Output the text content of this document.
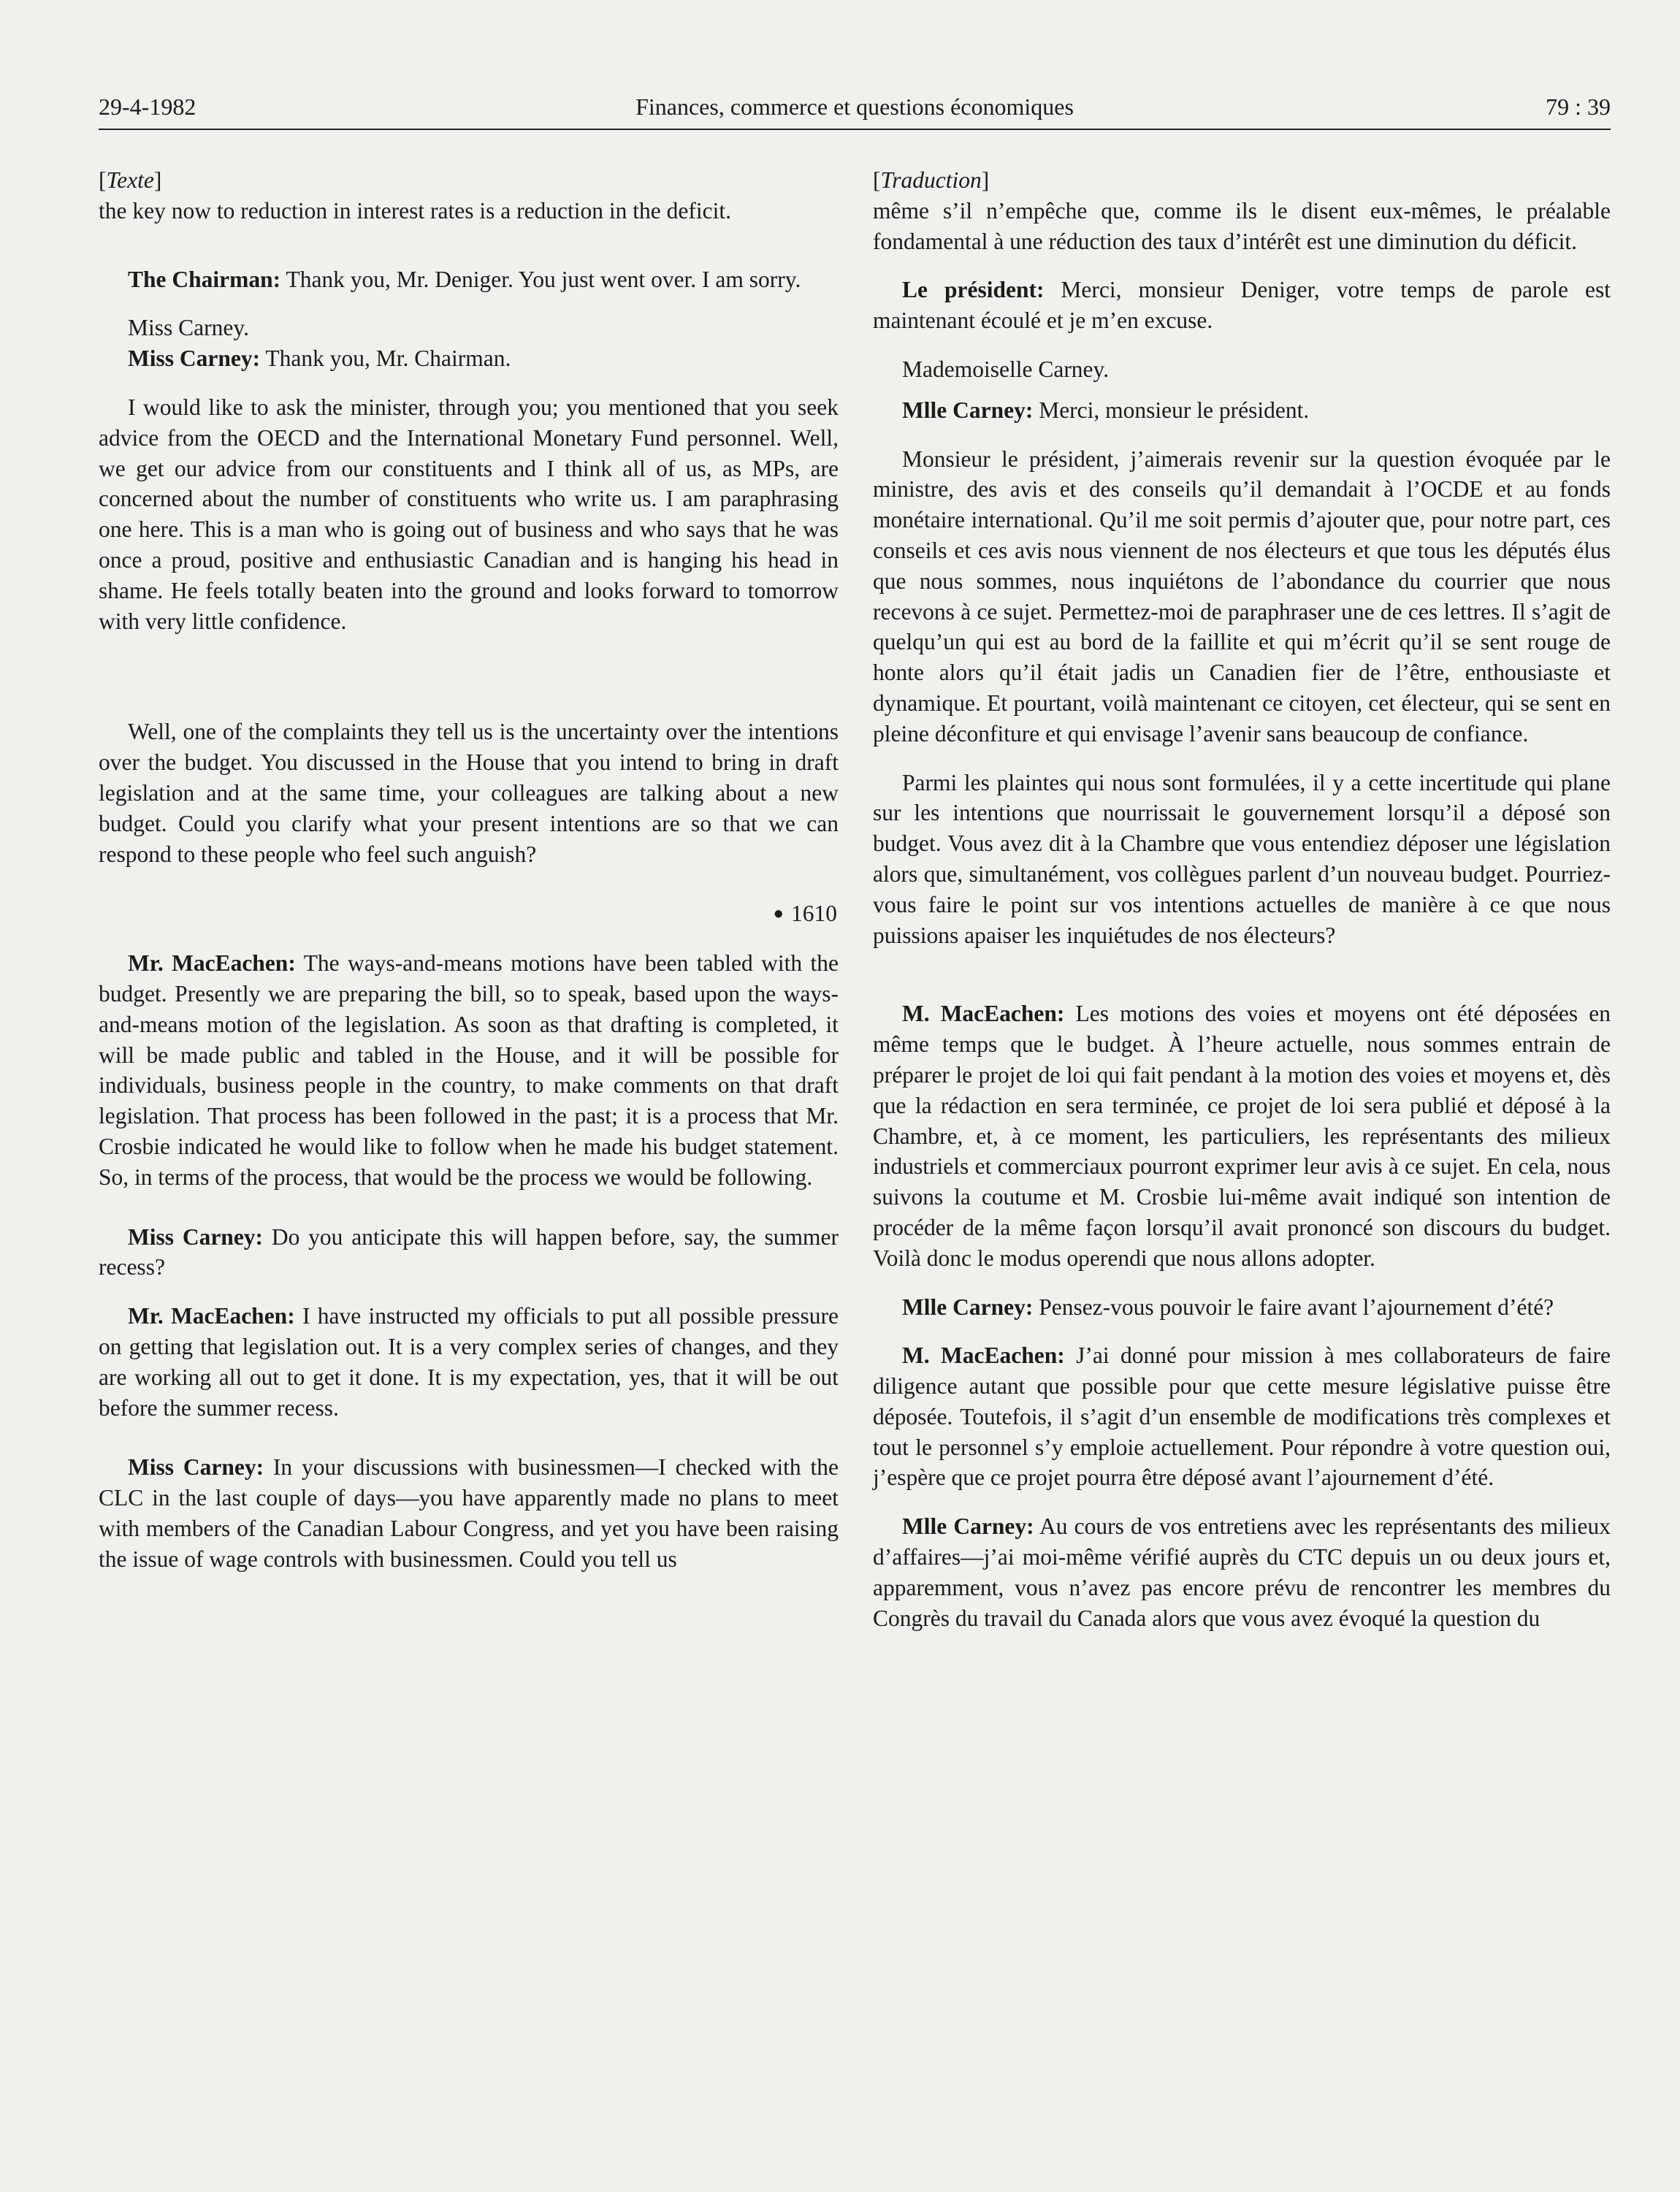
29-4-1982	Finances, commerce et questions économiques	79 : 39

[Texte]

the key now to reduction in interest rates is a reduction in the deficit.

The Chairman: Thank you, Mr. Deniger. You just went over. I am sorry.

Miss Carney.

Miss Carney: Thank you, Mr. Chairman.

I would like to ask the minister, through you; you mentioned that you seek advice from the OECD and the International Monetary Fund personnel. Well, we get our advice from our constituents and I think all of us, as MPs, are concerned about the number of constituents who write us. I am paraphrasing one here. This is a man who is going out of business and who says that he was once a proud, positive and enthusiastic Canadian and is hanging his head in shame. He feels totally beaten into the ground and looks forward to tomorrow with very little confidence.

Well, one of the complaints they tell us is the uncertainty over the intentions over the budget. You discussed in the House that you intend to bring in draft legislation and at the same time, your colleagues are talking about a new budget. Could you clarify what your present intentions are so that we can respond to these people who feel such anguish?

● 1610

Mr. MacEachen: The ways-and-means motions have been tabled with the budget. Presently we are preparing the bill, so to speak, based upon the ways-and-means motion of the legislation. As soon as that drafting is completed, it will be made public and tabled in the House, and it will be possible for individuals, business people in the country, to make comments on that draft legislation. That process has been followed in the past; it is a process that Mr. Crosbie indicated he would like to follow when he made his budget statement. So, in terms of the process, that would be the process we would be following.

Miss Carney: Do you anticipate this will happen before, say, the summer recess?

Mr. MacEachen: I have instructed my officials to put all possible pressure on getting that legislation out. It is a very complex series of changes, and they are working all out to get it done. It is my expectation, yes, that it will be out before the summer recess.

Miss Carney: In your discussions with businessmen—I checked with the CLC in the last couple of days—you have apparently made no plans to meet with members of the Canadian Labour Congress, and yet you have been raising the issue of wage controls with businessmen. Could you tell us

[Traduction]

même s’il n’empêche que, comme ils le disent eux-mêmes, le préalable fondamental à une réduction des taux d’intérêt est une diminution du déficit.

Le président: Merci, monsieur Deniger, votre temps de parole est maintenant écoulé et je m’en excuse.

Mademoiselle Carney.

Mlle Carney: Merci, monsieur le président.

Monsieur le président, j’aimerais revenir sur la question évoquée par le ministre, des avis et des conseils qu’il demandait à l’OCDE et au fonds monétaire international. Qu’il me soit permis d’ajouter que, pour notre part, ces conseils et ces avis nous viennent de nos électeurs et que tous les députés élus que nous sommes, nous inquiétons de l’abondance du courrier que nous recevons à ce sujet. Permettez-moi de paraphraser une de ces lettres. Il s’agit de quelqu’un qui est au bord de la faillite et qui m’écrit qu’il se sent rouge de honte alors qu’il était jadis un Canadien fier de l’être, enthousiaste et dynamique. Et pourtant, voilà maintenant ce citoyen, cet électeur, qui se sent en pleine déconfiture et qui envisage l’avenir sans beaucoup de confiance.

Parmi les plaintes qui nous sont formulées, il y a cette incertitude qui plane sur les intentions que nourrissait le gouvernement lorsqu’il a déposé son budget. Vous avez dit à la Chambre que vous entendiez déposer une législation alors que, simultanément, vos collègues parlent d’un nouveau budget. Pourriez-vous faire le point sur vos intentions actuelles de manière à ce que nous puissions apaiser les inquiétudes de nos électeurs?

M. MacEachen: Les motions des voies et moyens ont été déposées en même temps que le budget. À l’heure actuelle, nous sommes entrain de préparer le projet de loi qui fait pendant à la motion des voies et moyens et, dès que la rédaction en sera terminée, ce projet de loi sera publié et déposé à la Chambre, et, à ce moment, les particuliers, les représentants des milieux industriels et commerciaux pourront exprimer leur avis à ce sujet. En cela, nous suivons la coutume et M. Crosbie lui-même avait indiqué son intention de procéder de la même façon lorsqu’il avait prononcé son discours du budget. Voilà donc le modus operendi que nous allons adopter.

Mlle Carney: Pensez-vous pouvoir le faire avant l’ajournement d’été?

M. MacEachen: J’ai donné pour mission à mes collaborateurs de faire diligence autant que possible pour que cette mesure législative puisse être déposée. Toutefois, il s’agit d’un ensemble de modifications très complexes et tout le personnel s’y emploie actuellement. Pour répondre à votre question oui, j’espère que ce projet pourra être déposé avant l’ajournement d’été.

Mlle Carney: Au cours de vos entretiens avec les représentants des milieux d’affaires—j’ai moi-même vérifié auprès du CTC depuis un ou deux jours et, apparemment, vous n’avez pas encore prévu de rencontrer les membres du Congrès du travail du Canada alors que vous avez évoqué la question du
